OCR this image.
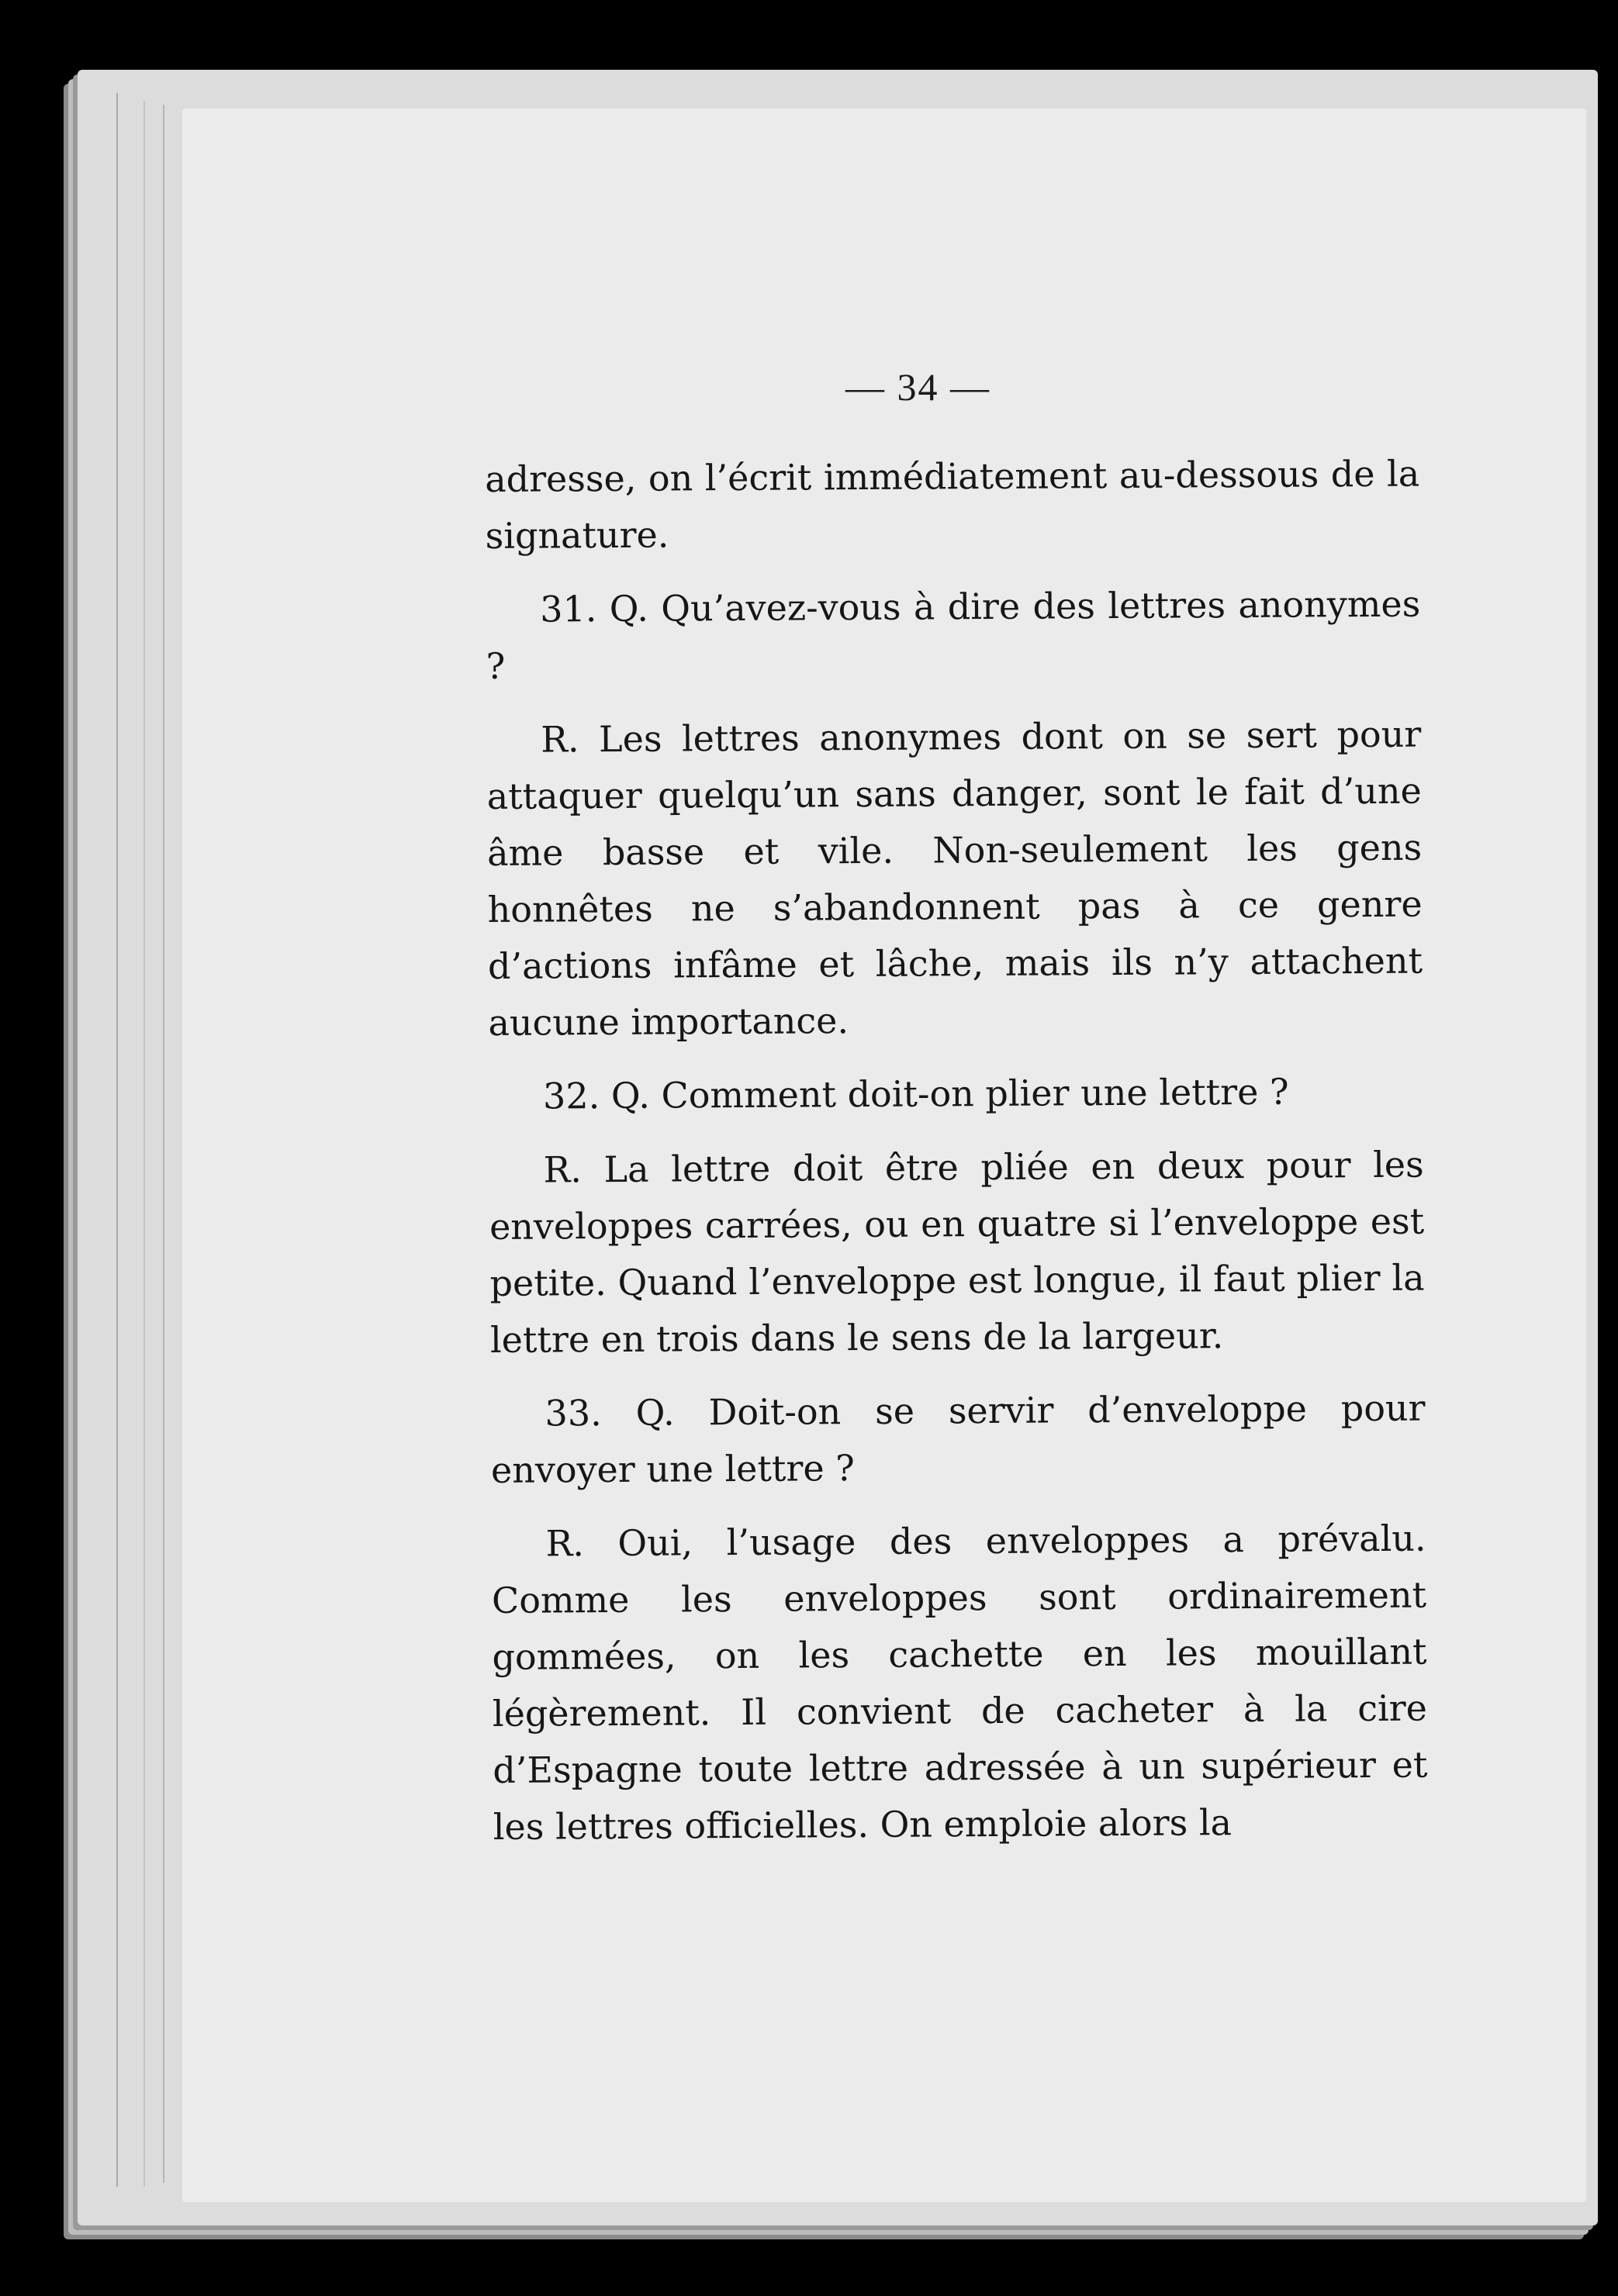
— 34 —

adresse, on l’écrit immédiatement au-dessous de la signature.

31. Q. Qu’avez-vous à dire des lettres anonymes ?

R. Les lettres anonymes dont on se sert pour attaquer quelqu’un sans danger, sont le fait d’une âme basse et vile. Non-seulement les gens honnêtes ne s’abandonnent pas à ce genre d’actions infâme et lâche, mais ils n’y attachent aucune importance.

32. Q. Comment doit-on plier une lettre ?

R. La lettre doit être pliée en deux pour les enveloppes carrées, ou en quatre si l’enveloppe est petite. Quand l’enveloppe est longue, il faut plier la lettre en trois dans le sens de la largeur.

33. Q. Doit-on se servir d’enveloppe pour envoyer une lettre ?

R. Oui, l’usage des enveloppes a prévalu. Comme les enveloppes sont ordinairement gommées, on les cachette en les mouillant légèrement. Il convient de cacheter à la cire d’Espagne toute lettre adressée à un supérieur et les lettres officielles. On emploie alors la
